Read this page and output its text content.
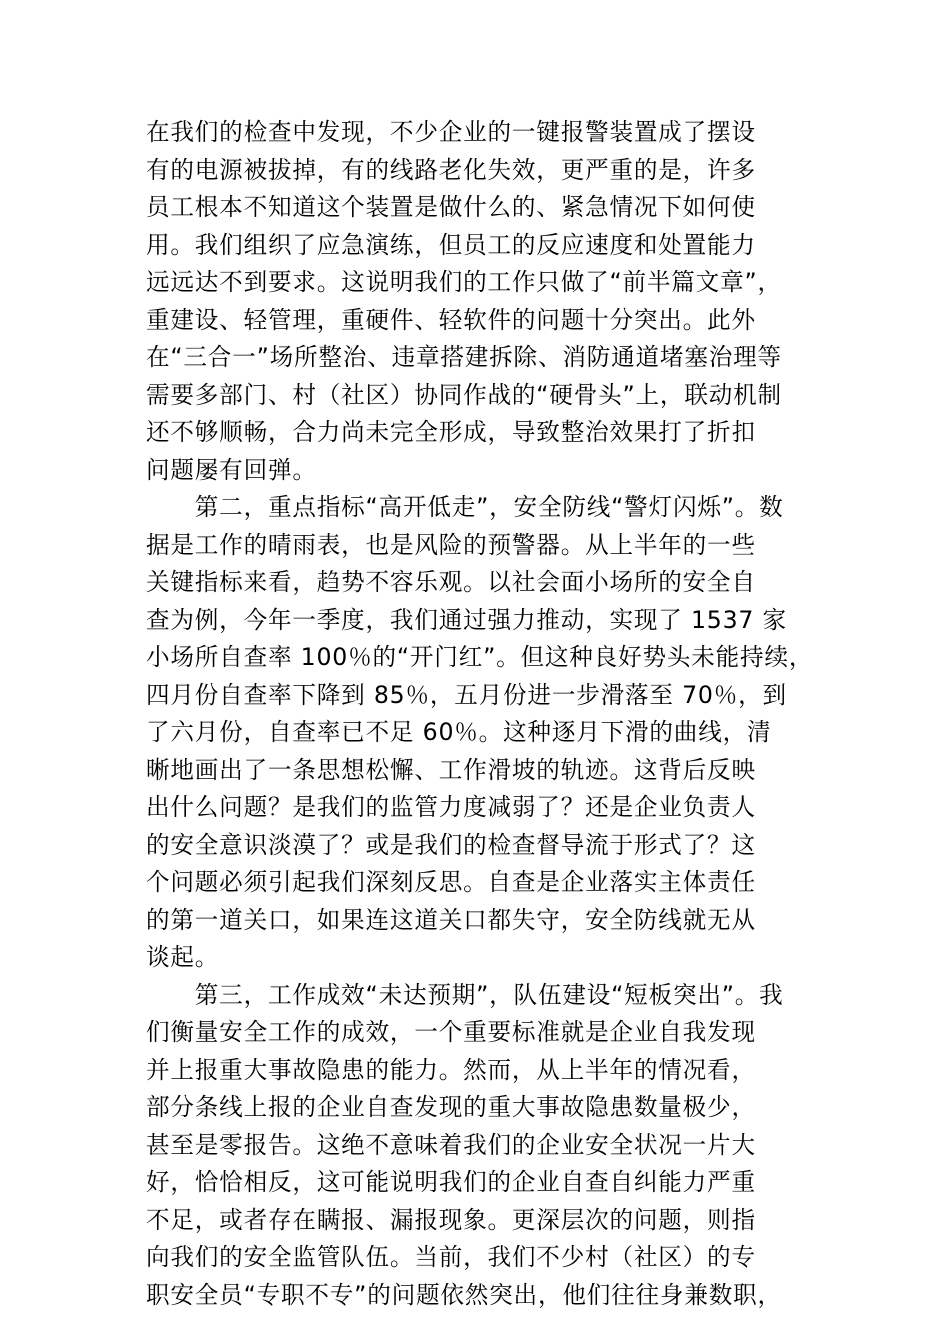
在我们的检查中发现，不少企业的一键报警装置成了摆设
有的电源被拔掉，有的线路老化失效，更严重的是，许多
员工根本不知道这个装置是做什么的、紧急情况下如何使
用。我们组织了应急演练，但员工的反应速度和处置能力
远远达不到要求。这说明我们的工作只做了“前半篇文章”，
重建设、轻管理，重硬件、轻软件的问题十分突出。此外
在“三合一”场所整治、违章搭建拆除、消防通道堵塞治理等
需要多部门、村（社区）协同作战的“硬骨头”上，联动机制
还不够顺畅，合力尚未完全形成，导致整治效果打了折扣
问题屡有回弹。
　　第二，重点指标“高开低走”，安全防线“警灯闪烁”。数
据是工作的晴雨表，也是风险的预警器。从上半年的一些
关键指标来看，趋势不容乐观。以社会面小场所的安全自
查为例，今年一季度，我们通过强力推动，实现了 1537 家
小场所自查率 100％的“开门红”。但这种良好势头未能持续，
四月份自查率下降到 85％，五月份进一步滑落至 70％，到
了六月份，自查率已不足 60％。这种逐月下滑的曲线，清
晰地画出了一条思想松懈、工作滑坡的轨迹。这背后反映
出什么问题？是我们的监管力度减弱了？还是企业负责人
的安全意识淡漠了？或是我们的检查督导流于形式了？这
个问题必须引起我们深刻反思。自查是企业落实主体责任
的第一道关口，如果连这道关口都失守，安全防线就无从
谈起。
　　第三，工作成效“未达预期”，队伍建设“短板突出”。我
们衡量安全工作的成效，一个重要标准就是企业自我发现
并上报重大事故隐患的能力。然而，从上半年的情况看，
部分条线上报的企业自查发现的重大事故隐患数量极少，
甚至是零报告。这绝不意味着我们的企业安全状况一片大
好，恰恰相反，这可能说明我们的企业自查自纠能力严重
不足，或者存在瞒报、漏报现象。更深层次的问题，则指
向我们的安全监管队伍。当前，我们不少村（社区）的专
职安全员“专职不专”的问题依然突出，他们往往身兼数职，
